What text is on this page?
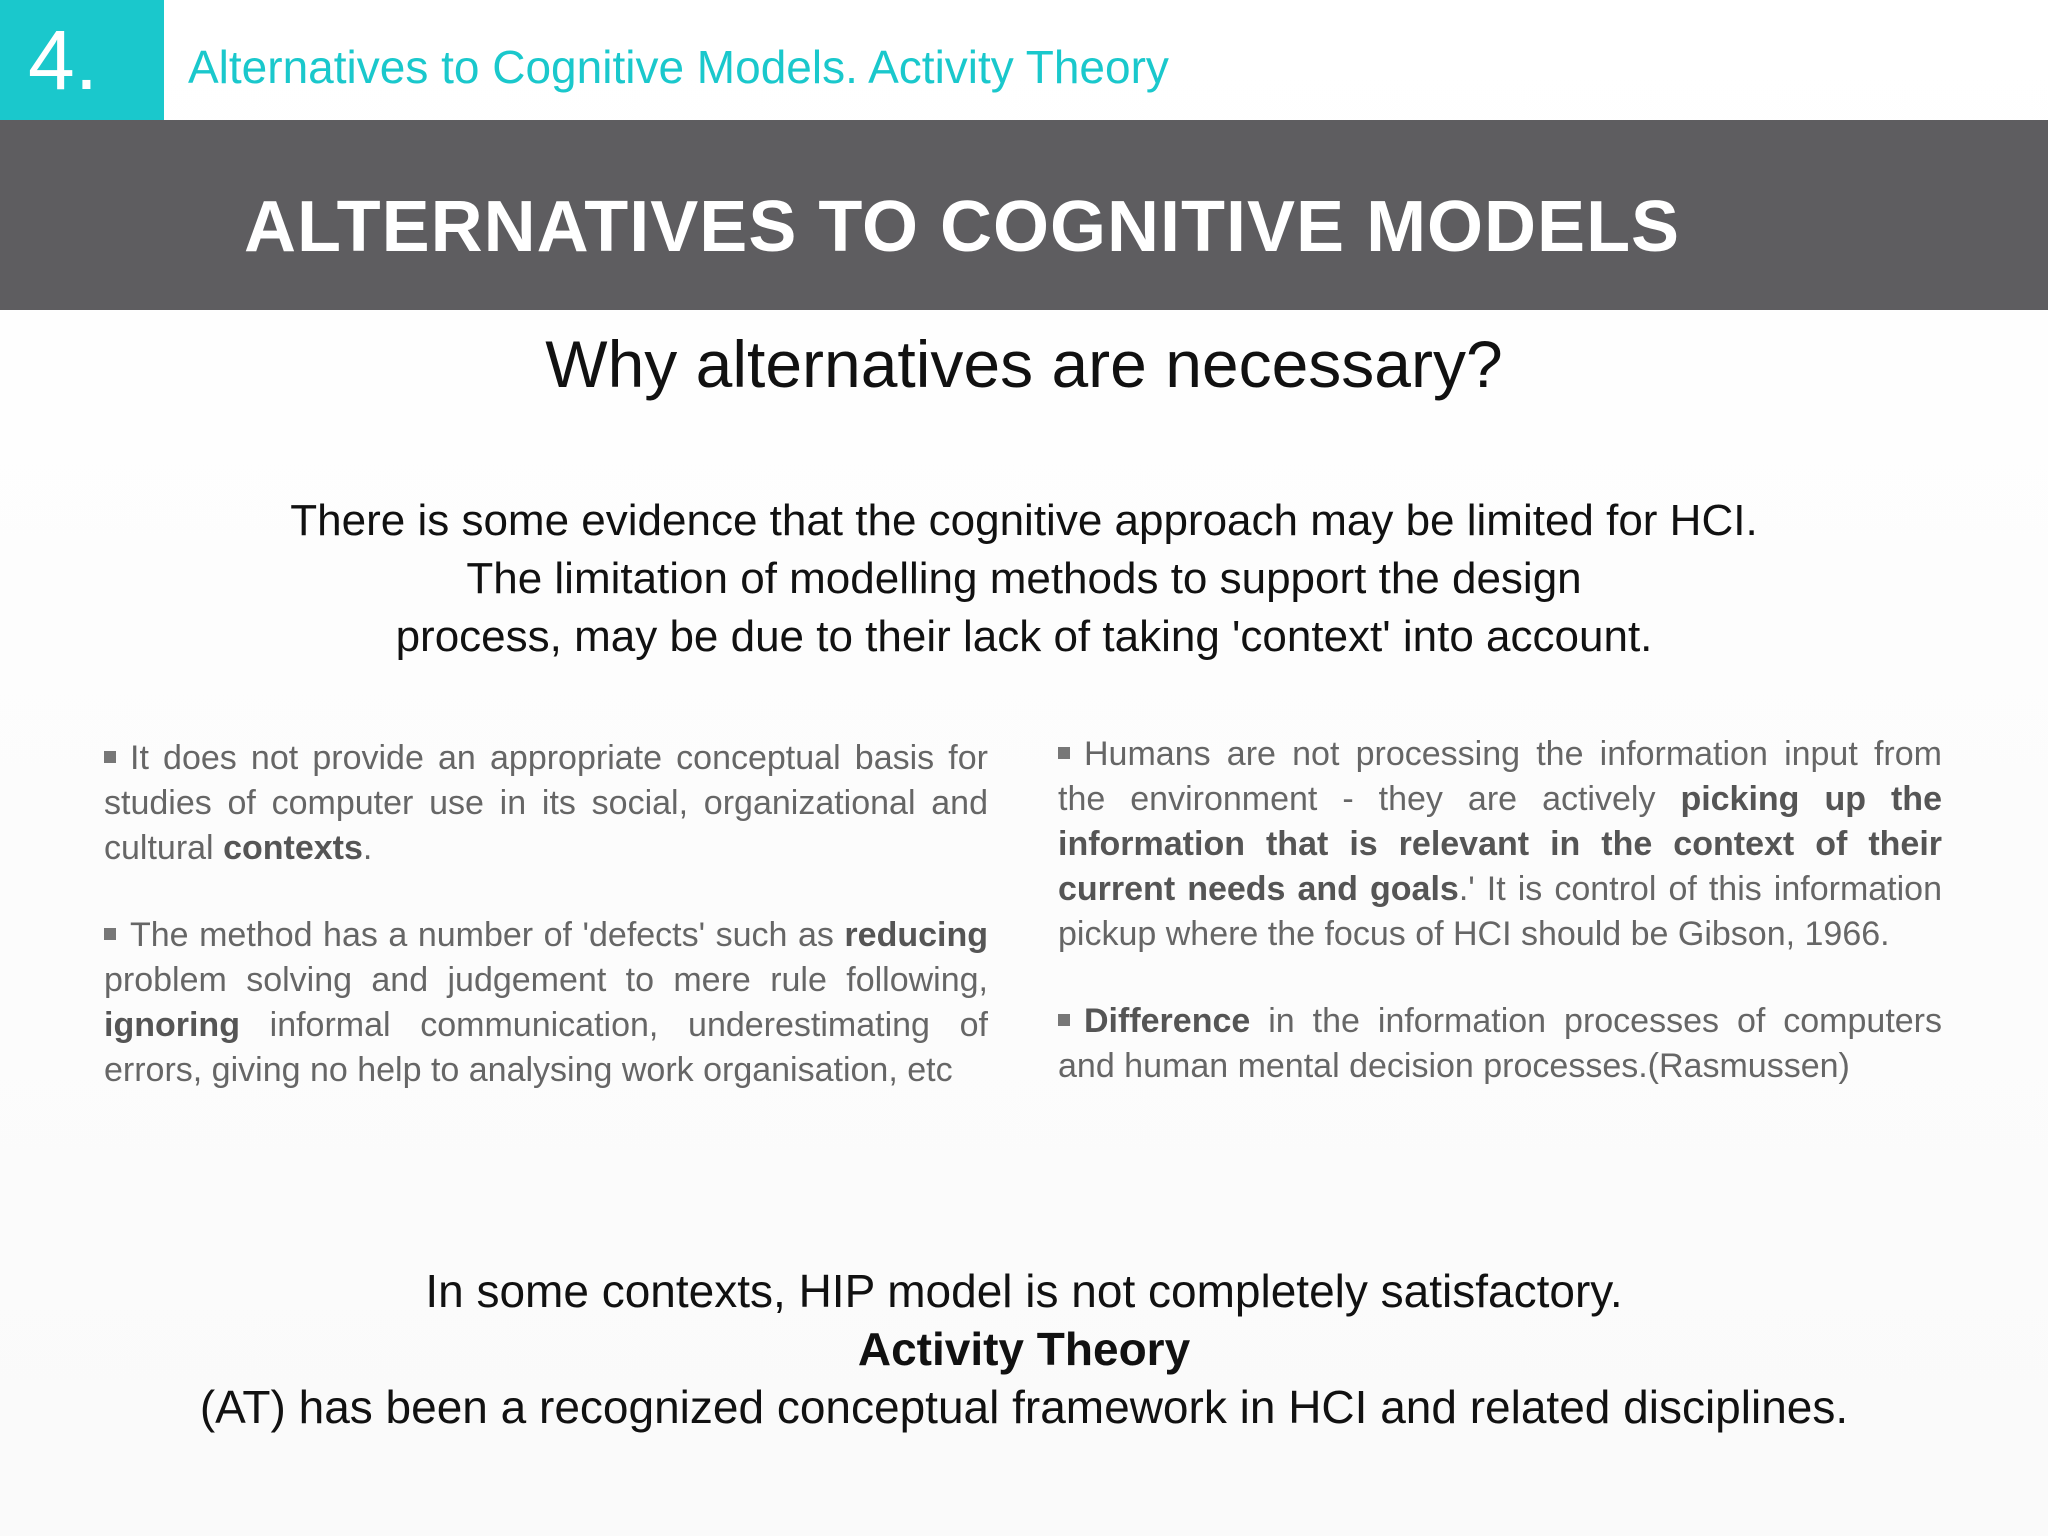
4.	Alternatives to Cognitive Models. Activity Theory
ALTERNATIVES TO COGNITIVE MODELS
Why alternatives are necessary?
There is some evidence that the cognitive approach may be limited for HCI.
The limitation of modelling methods to support the design
process, may be due to their lack of taking 'context' into account.

It does not provide an appropriate conceptual basis for studies of computer use in its social, organizational and cultural contexts.

The method has a number of 'defects' such as reducing problem solving and judgement to mere rule following, ignoring informal communication, underestimating of errors, giving no help to analysing work organisation, etc

Humans are not processing the information input from the environment - they are actively picking up the information that is relevant in the context of their current needs and goals.' It is control of this information pickup where the focus of HCI should be Gibson, 1966.

Difference in the information processes of computers and human mental decision processes.(Rasmussen)

In some contexts, HIP model is not completely satisfactory.
Activity Theory
(AT) has been a recognized conceptual framework in HCI and related disciplines.
